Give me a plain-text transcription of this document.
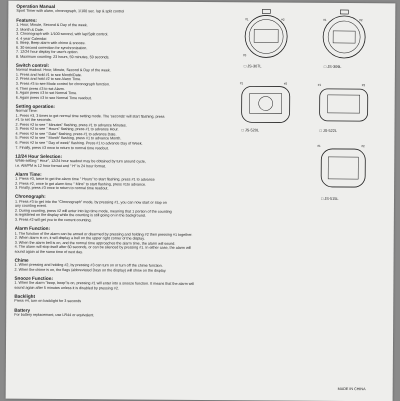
Operation Manual

Sport Timer with alarm, chronograph, 1/100 sec. lap & split control

Features:

1. Hour, Minute, Second & Day of the week.

2. Month & Date.

3. Chronograph with 1/100 second, with lap/Split control.

4. 4 year Calendar.

5. Beep, Beep alarm with chime & snooze.

6. 30 second correction for synchronization.

7. 12/24 hour display for user's option.

8. Maximum counting: 23 hours, 59 minutes, 59 seconds.

Switch control:

Normal readout: Hour, Minute, Second & Day of the week.

1. Press and hold #1 to see Month/Date.

2. Press and hold #2 to see Alarm Time.

3. Press #3 to see Mode control for chronograph function.

4. Then press #3 to set Alarm.

5. Again press #3 to set Normal Time.

6. Again press #3 to see Normal Time readout.

Setting operation:

Normal Time:

1. Press #3, 3 times to get normal time setting mode. The 'seconds' will start flashing, press

#1 to set the seconds.

2. Press #2 to see " Minutes" flashing, press #1 to advance Minutes.

3. Press #2 to see " Hours" flashing, press #1 to advance Hour.

4. Press #2 to see " Date" flashing, press #1 to advance Date.

5. Press #2 to see " Month" flashing, press #1 to advance Month.

6. Press #2 to see " Day of week" flashing. Press #1 to advance Day of Week.

7. Finally, press #3 once to return to normal time readout.

12/24 Hour Selection:

While setting " Hour", 12/24 hour readout may be obtained by turn around cycle,

i.e. AM/PM is 12 hour format and " H" is 24 hour format.

Alarm Time:

1. Press #3, twice to get the alarm time " Hours" to start flashing, press #1 to advance

2. Press #2, once to get alarm time " Mins" to start flashing, press #1to advance.

3. Finally, press #3 once to return to normal time readout.

Chronograph:

1. Press #3 to get into the "Chronograph" mode, by pressing #1, you can now start or stop on

any counting event.

2. During counting, press #2 will enter into lap time mode, meaning that 1 portion of the counting

is registered on the display while the counting is still going on in the background.

3. Press #2 will get you to the current counting.

Alarm Function:

1. The function of the alarm can be armed or disarmed by pressing and holding #2 then pressing #1 together.

2. When alarm is on, it will display a bell on the upper right corner of the display.

3. When the alarm bell is on, and the normal time approaches the alarm time, the alarm will sound.

4. The alarm will stop itself after 60 seconds, or can be silenced by pressing #1. In either case, the alarm will

sound again at the same time of next day.

Chime

1. When pressing and holding #2, by pressing #3 can turn on or turn off the chime function.

2. When the chime is on, the flags (abbreviated Days on the display) will show on the display.

Snooze Function:

1. When the alarm "beep, beep"is on, pressing #1 will enter into a snooze function. It means that the alarm will

sound again after 5 minutes unless it is disabled by pressing #2.

Backlight

Press #4, turn on backlight for 3 seconds

Battery

For battery replacement, use LR44 or equivalent.

#1	#2
#3
□ JS-307L
#1	#2
□ JS-309L
#1	#2
□ JS-520L
#1	#2
□ JS-522L
#1	#2
□ JS-515L
MADE IN CHINA
